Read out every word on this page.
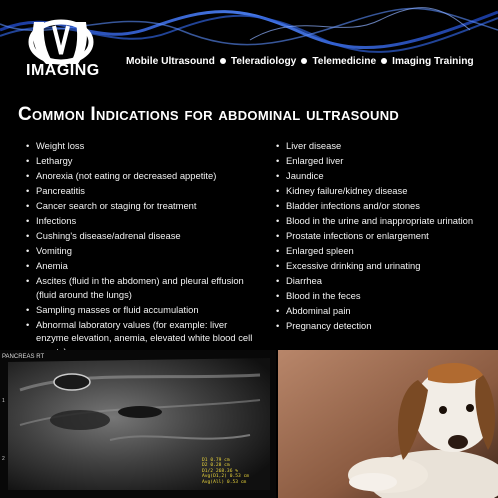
IMAGING
Mobile Ultrasound Teleradiology Telemedicine Imaging Training
Common Indications for abdominal ultrasound
• Weight loss
• Lethargy
• Anorexia (not eating or decreased appetite)
• Pancreatitis
• Cancer search or staging for treatment
• Infections
• Cushing's disease/adrenal disease
• Vomiting
• Anemia
• Ascites (fluid in the abdomen) and pleural effusion (fluid around the lungs)
• Sampling masses or fluid accumulation
• Abnormal laboratory values (for example: liver enzyme elevation, anemia, elevated white blood cell
• Liver disease
• Enlarged liver
• Jaundice
• Kidney failure/kidney disease
• Bladder infections and/or stones
• Blood in the urine and inappropriate urination
• Prostate infections or enlargement
• Enlarged spleen
• Excessive drinking and urinating
• Diarrhea
• Blood in the feces
• Abdominal pain
• Pregnancy detection
1
2
PANCREAS RT
D1 0.79 cm
D2 0.28 cm
D1/2 268.36 %
Avg(D1,2) 0.53 cm
Avg(All) 0.53 cm
